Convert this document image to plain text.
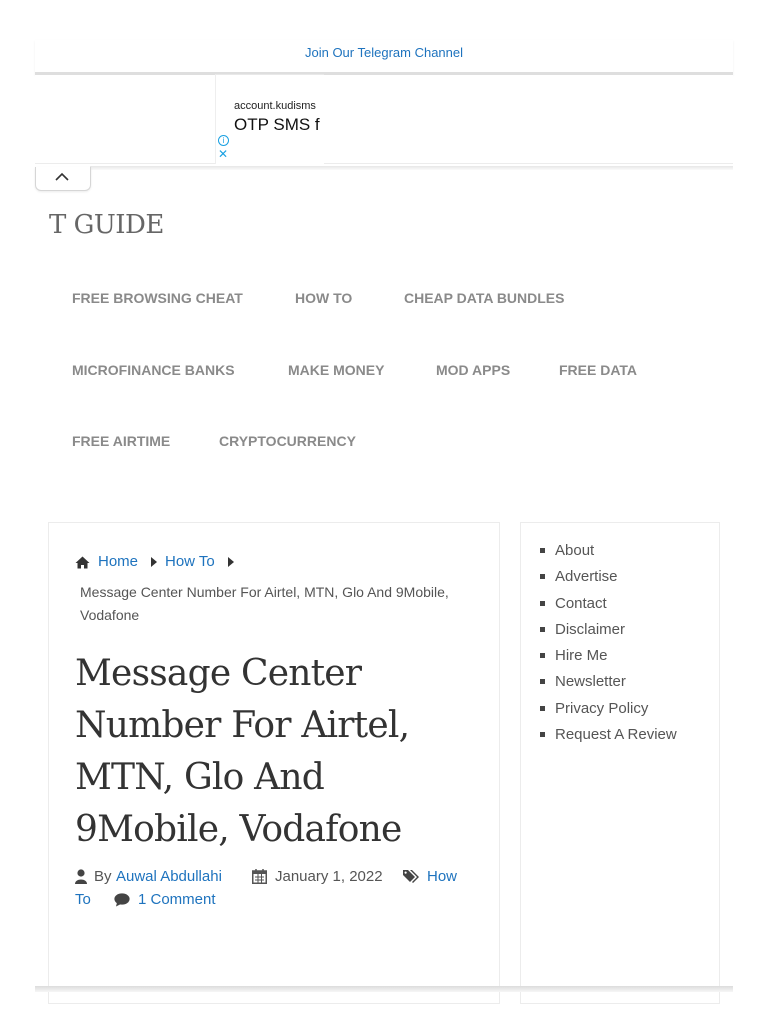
Join Our Telegram Channel
account.kudisms
OTP SMS f
i
✕
T GUIDE
FREE BROWSING CHEAT	HOW TO	CHEAP DATA BUNDLES
MICROFINANCE BANKS	MAKE MONEY	MOD APPS	FREE DATA
FREE AIRTIME	CRYPTOCURRENCY
Home How To
Message Center Number For Airtel, MTN, Glo And 9Mobile, Vodafone
Message Center Number For Airtel, MTN, Glo And 9Mobile, Vodafone
By Auwal Abdullahi	January 1, 2022	How
To	1 Comment
About
Advertise
Contact
Disclaimer
Hire Me
Newsletter
Privacy Policy
Request A Review
